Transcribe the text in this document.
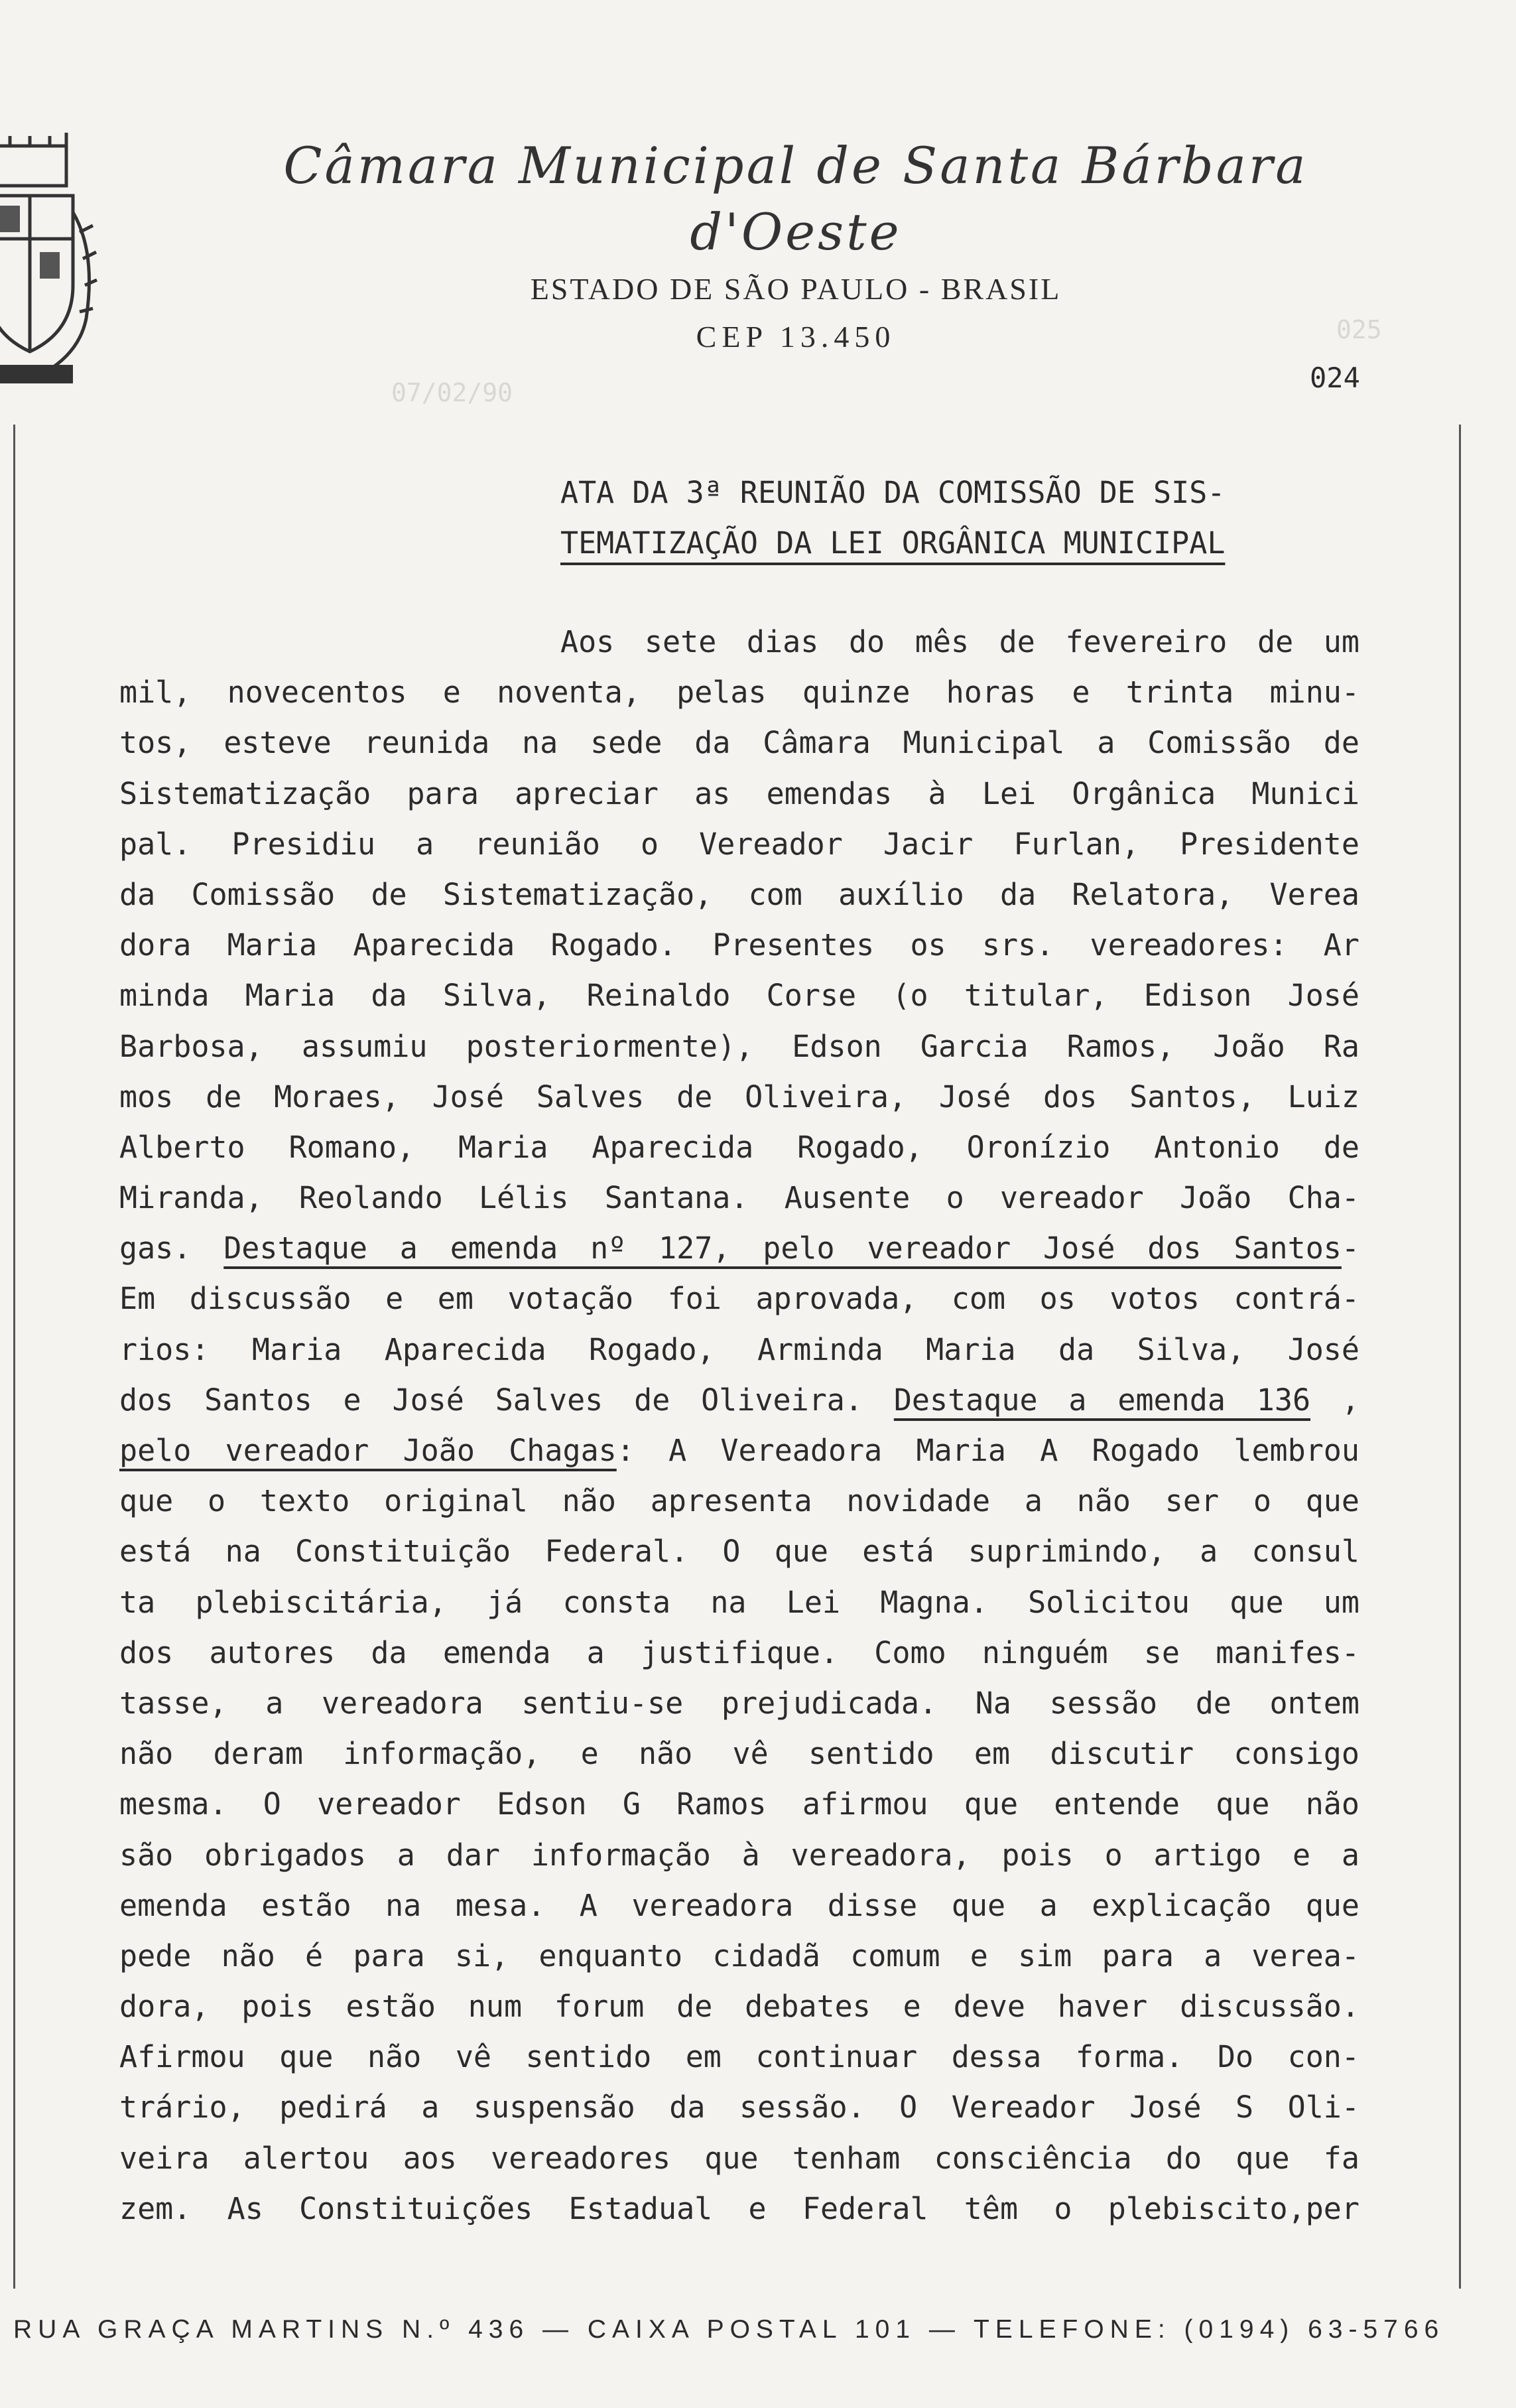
Câmara Municipal de Santa Bárbara d'Oeste
ESTADO DE SÃO PAULO - BRASIL
CEP 13.450	025
07/02/90	024
ATA DA 3ª REUNIÃO DA COMISSÃO DE SIS-
TEMATIZAÇÃO DA LEI ORGÂNICA MUNICIPAL
Aos sete dias do mês de fevereiro de um
mil, novecentos e noventa, pelas quinze horas e trinta minu-
tos, esteve reunida na sede da Câmara Municipal a Comissão de
Sistematização para apreciar as emendas à Lei Orgânica Munici
pal. Presidiu a reunião o Vereador Jacir Furlan, Presidente
da Comissão de Sistematização, com auxílio da Relatora, Verea
dora Maria Aparecida Rogado. Presentes os srs. vereadores: Ar
minda Maria da Silva, Reinaldo Corse (o titular, Edison José
Barbosa, assumiu posteriormente), Edson Garcia Ramos, João Ra
mos de Moraes, José Salves de Oliveira, José dos Santos, Luiz
Alberto Romano, Maria Aparecida Rogado, Oronízio Antonio de
Miranda, Reolando Lélis Santana. Ausente o vereador João Cha-
gas. Destaque a emenda nº 127, pelo vereador José dos Santos-
Em discussão e em votação foi aprovada, com os votos contrá-
rios: Maria Aparecida Rogado, Arminda Maria da Silva, José
dos Santos e José Salves de Oliveira. Destaque a emenda 136 ,
pelo vereador João Chagas: A Vereadora Maria A Rogado lembrou
que o texto original não apresenta novidade a não ser o que
está na Constituição Federal. O que está suprimindo, a consul
ta plebiscitária, já consta na Lei Magna. Solicitou que um
dos autores da emenda a justifique. Como ninguém se manifes-
tasse, a vereadora sentiu-se prejudicada. Na sessão de ontem
não deram informação, e não vê sentido em discutir consigo
mesma. O vereador Edson G Ramos afirmou que entende que não
são obrigados a dar informação à vereadora, pois o artigo e a
emenda estão na mesa. A vereadora disse que a explicação que
pede não é para si, enquanto cidadã comum e sim para a verea-
dora, pois estão num forum de debates e deve haver discussão.
Afirmou que não vê sentido em continuar dessa forma. Do con-
trário, pedirá a suspensão da sessão. O Vereador José S Oli-
veira alertou aos vereadores que tenham consciência do que fa
zem. As Constituições Estadual e Federal têm o plebiscito,per
RUA GRAÇA MARTINS N.º 436 — CAIXA POSTAL 101 — TELEFONE: (0194) 63-5766
